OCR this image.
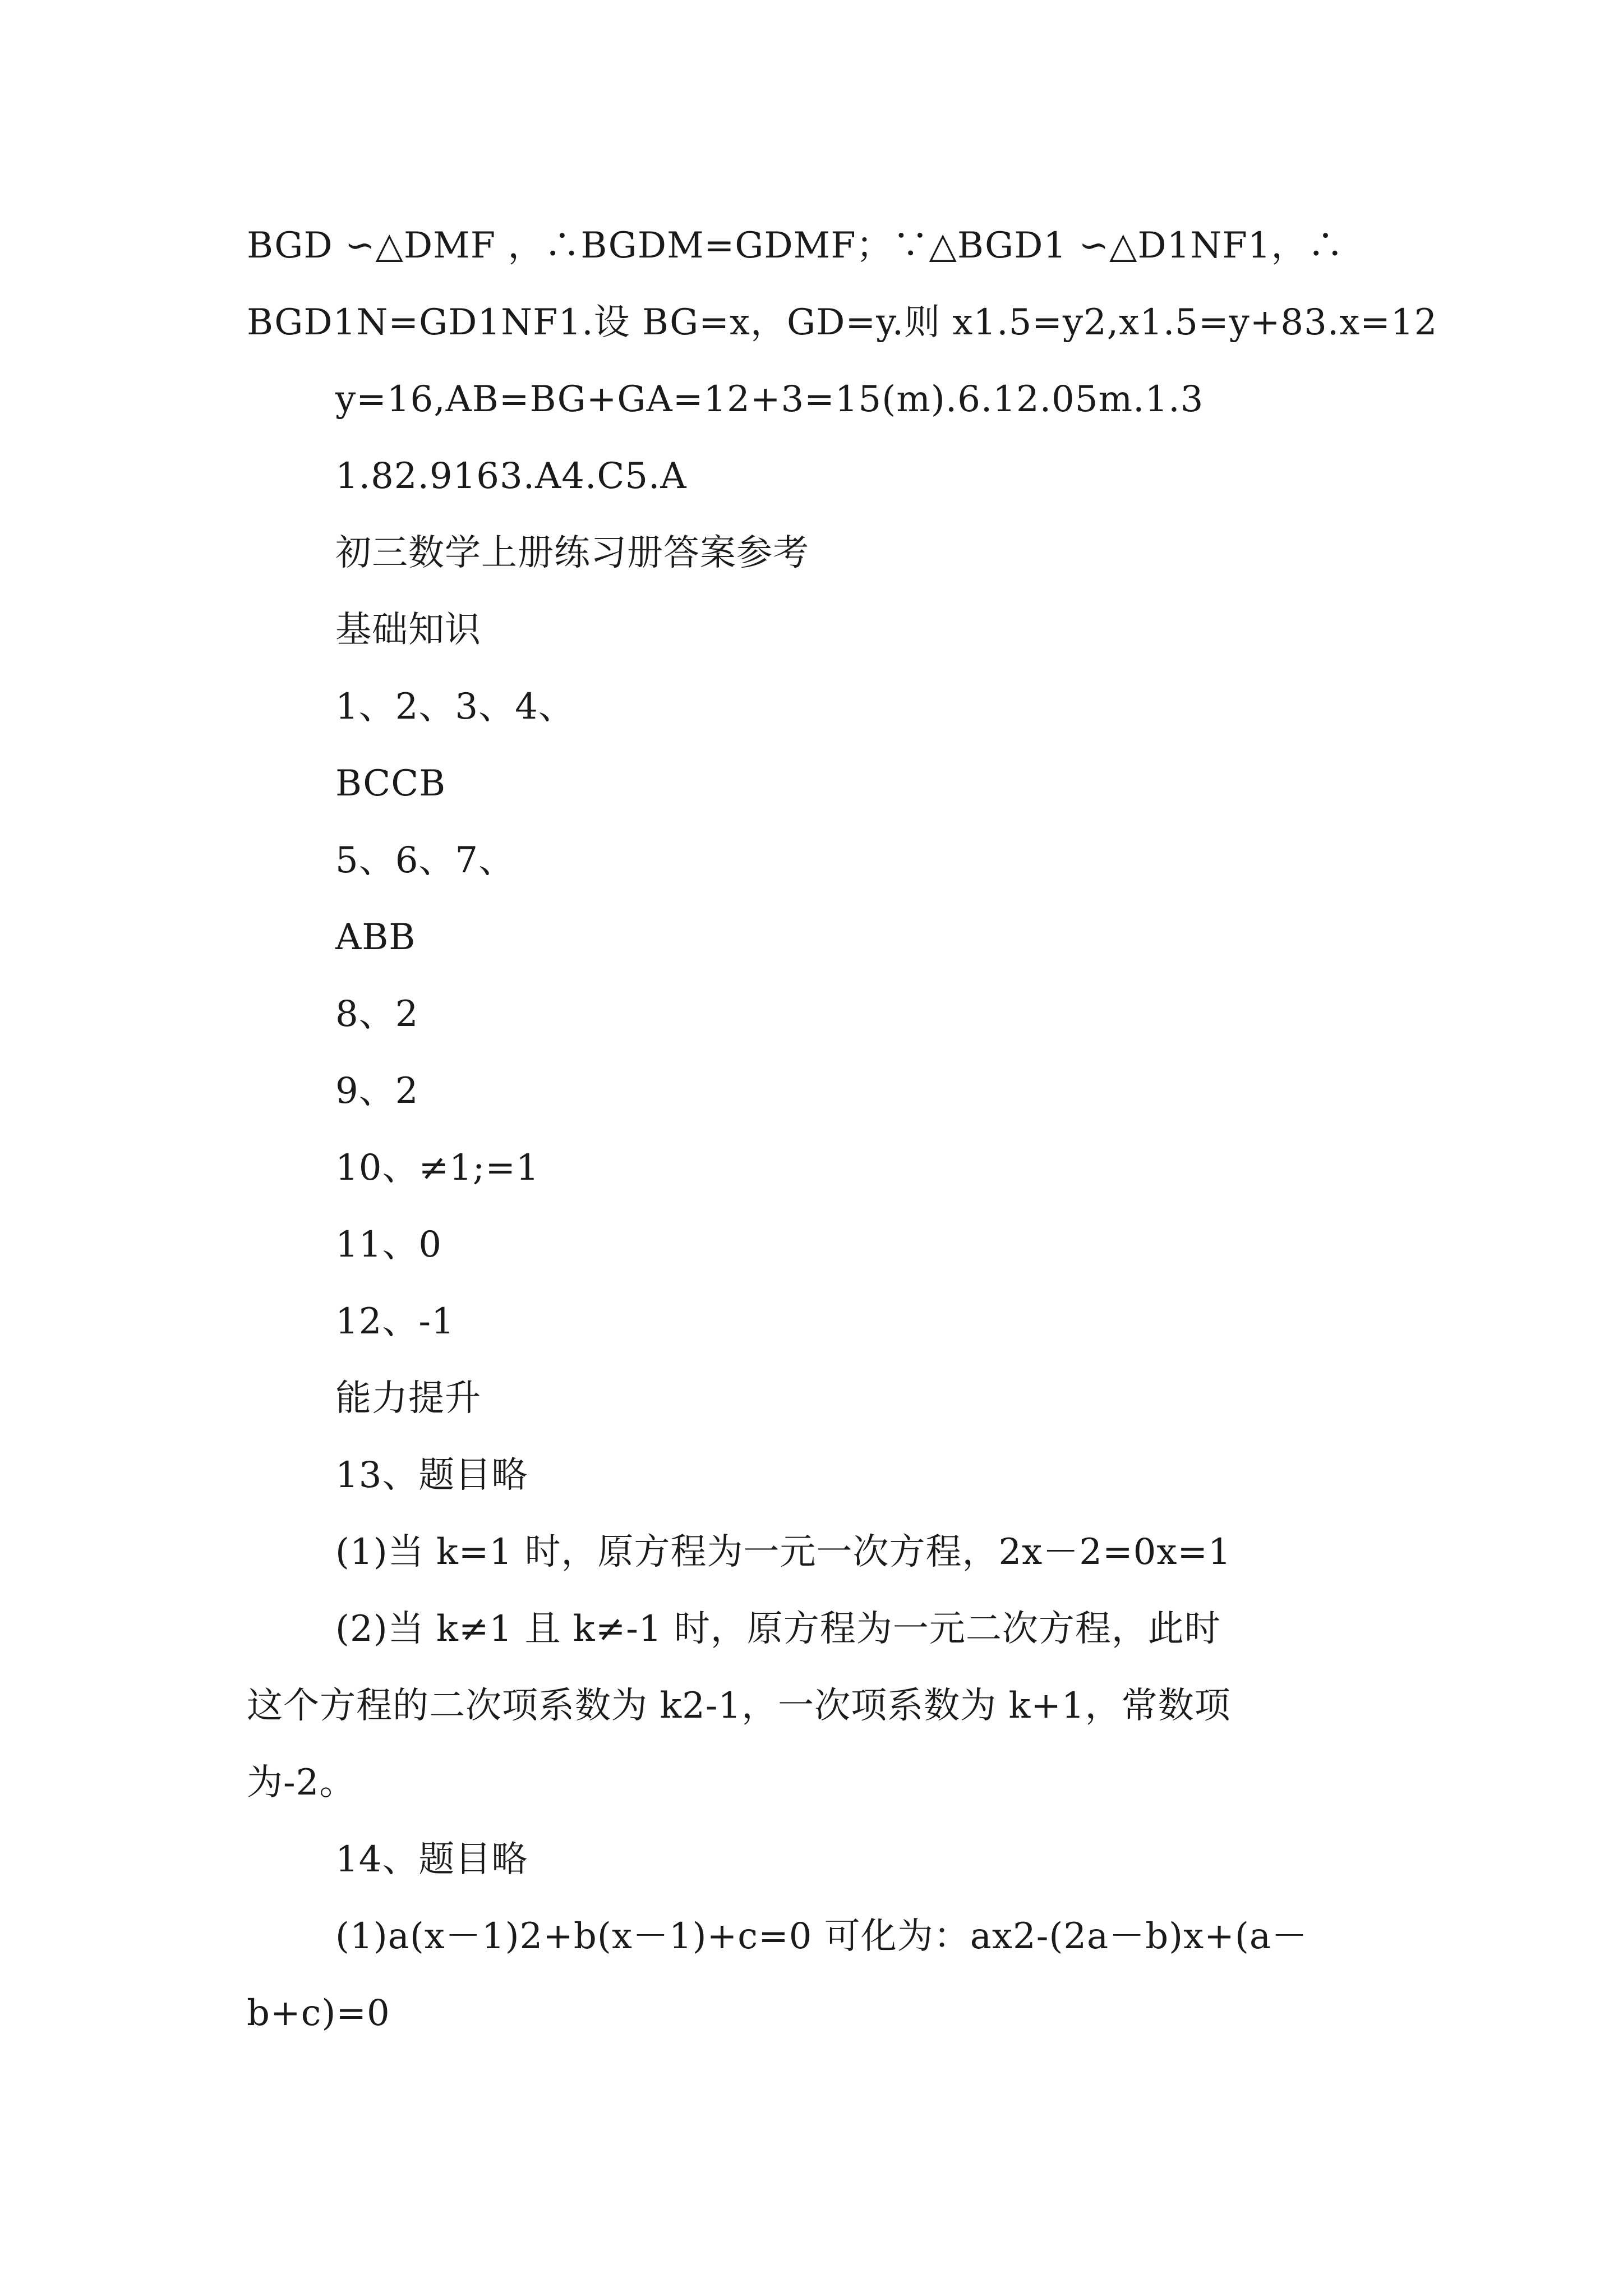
BGD ∽△DMF ，∴BGDM=GDMF；∵△BGD1 ∽△D1NF1，∴
BGD1N=GD1NF1.设 BG=x，GD=y.则 x1.5=y2,x1.5=y+83.x=12
y=16,AB=BG+GA=12+3=15(m).6.12.05m.1.3
1.82.9163.A4.C5.A
初三数学上册练习册答案参考
基础知识
1、2、3、4、
BCCB
5、6、7、
ABB
8、2
9、2
10、≠1;=1
11、0
12、-1
能力提升
13、题目略
(1)当 k=1 时，原方程为一元一次方程，2x－2=0x=1
(2)当 k≠1 且 k≠-1 时，原方程为一元二次方程，此时
这个方程的二次项系数为 k2-1，一次项系数为 k+1，常数项
为-2。
14、题目略
(1)a(x－1)2+b(x－1)+c=0 可化为：ax2-(2a－b)x+(a－
b+c)=0
